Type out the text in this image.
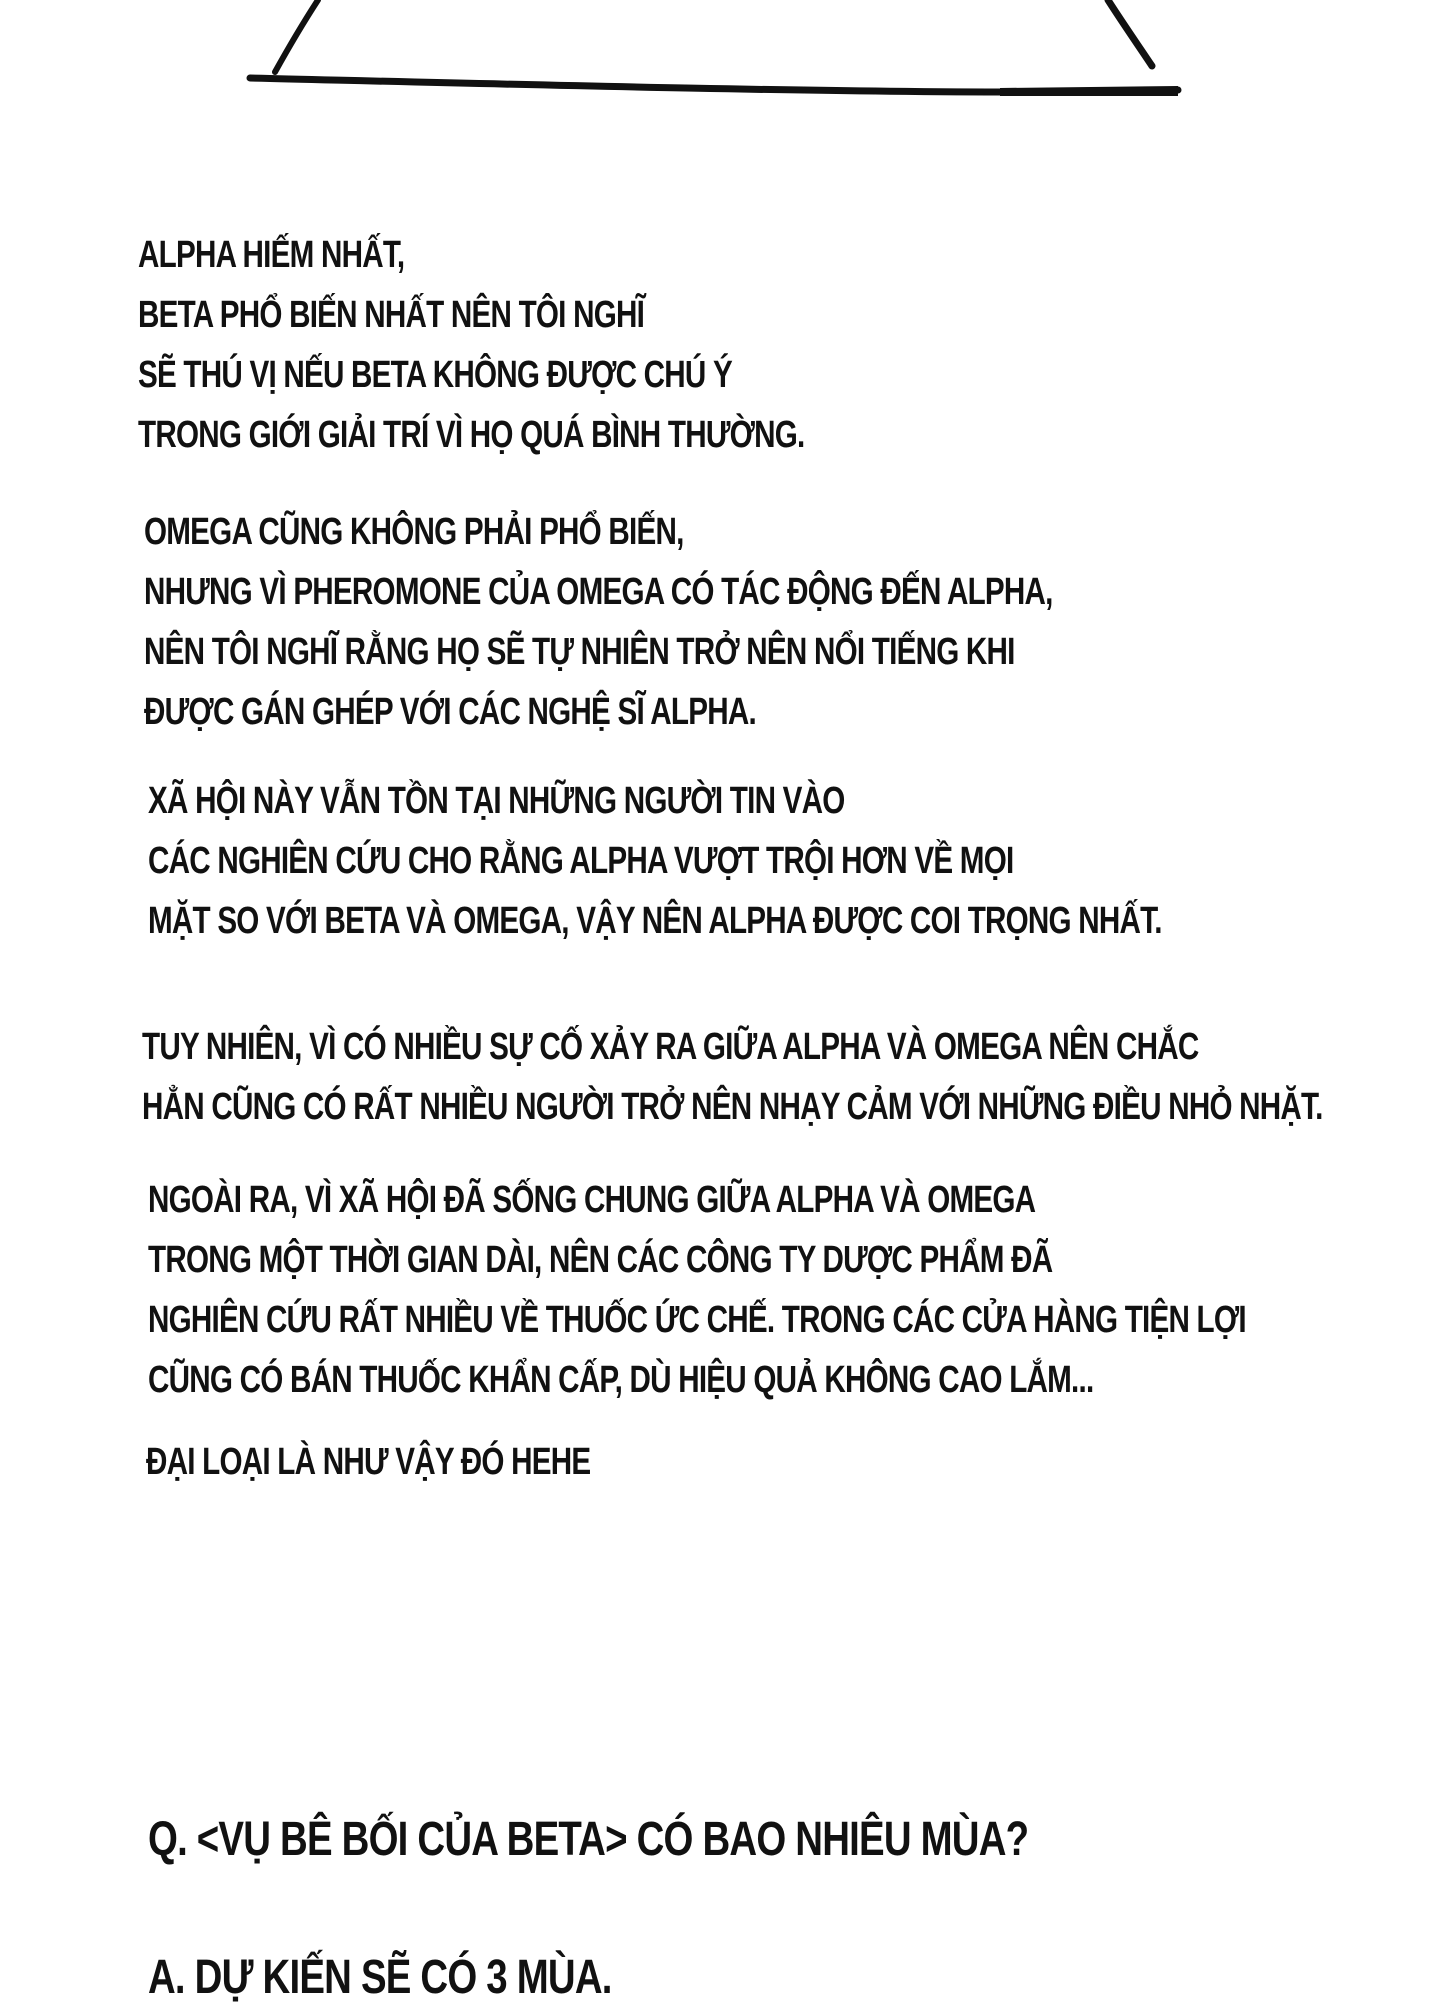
ALPHA HIẾM NHẤT,
BETA PHỔ BIẾN NHẤT NÊN TÔI NGHĨ
SẼ THÚ VỊ NẾU BETA KHÔNG ĐƯỢC CHÚ Ý
TRONG GIỚI GIẢI TRÍ VÌ HỌ QUÁ BÌNH THƯỜNG.
OMEGA CŨNG KHÔNG PHẢI PHỔ BIẾN,
NHƯNG VÌ PHEROMONE CỦA OMEGA CÓ TÁC ĐỘNG ĐẾN ALPHA,
NÊN TÔI NGHĨ RẰNG HỌ SẼ TỰ NHIÊN TRỞ NÊN NỔI TIẾNG KHI
ĐƯỢC GÁN GHÉP VỚI CÁC NGHỆ SĨ ALPHA.
XÃ HỘI NÀY VẪN TỒN TẠI NHỮNG NGƯỜI TIN VÀO
CÁC NGHIÊN CỨU CHO RẰNG ALPHA VƯỢT TRỘI HƠN VỀ MỌI
MẶT SO VỚI BETA VÀ OMEGA, VẬY NÊN ALPHA ĐƯỢC COI TRỌNG NHẤT.
TUY NHIÊN, VÌ CÓ NHIỀU SỰ CỐ XẢY RA GIỮA ALPHA VÀ OMEGA NÊN CHẮC
HẲN CŨNG CÓ RẤT NHIỀU NGƯỜI TRỞ NÊN NHẠY CẢM VỚI NHỮNG ĐIỀU NHỎ NHẶT.
NGOÀI RA, VÌ XÃ HỘI ĐÃ SỐNG CHUNG GIỮA ALPHA VÀ OMEGA
TRONG MỘT THỜI GIAN DÀI, NÊN CÁC CÔNG TY DƯỢC PHẨM ĐÃ
NGHIÊN CỨU RẤT NHIỀU VỀ THUỐC ỨC CHẾ. TRONG CÁC CỬA HÀNG TIỆN LỢI
CŨNG CÓ BÁN THUỐC KHẨN CẤP, DÙ HIỆU QUẢ KHÔNG CAO LẮM...
ĐẠI LOẠI LÀ NHƯ VẬY ĐÓ HEHE
Q. <VỤ BÊ BỐI CỦA BETA> CÓ BAO NHIÊU MÙA?
A. DỰ KIẾN SẼ CÓ 3 MÙA.
